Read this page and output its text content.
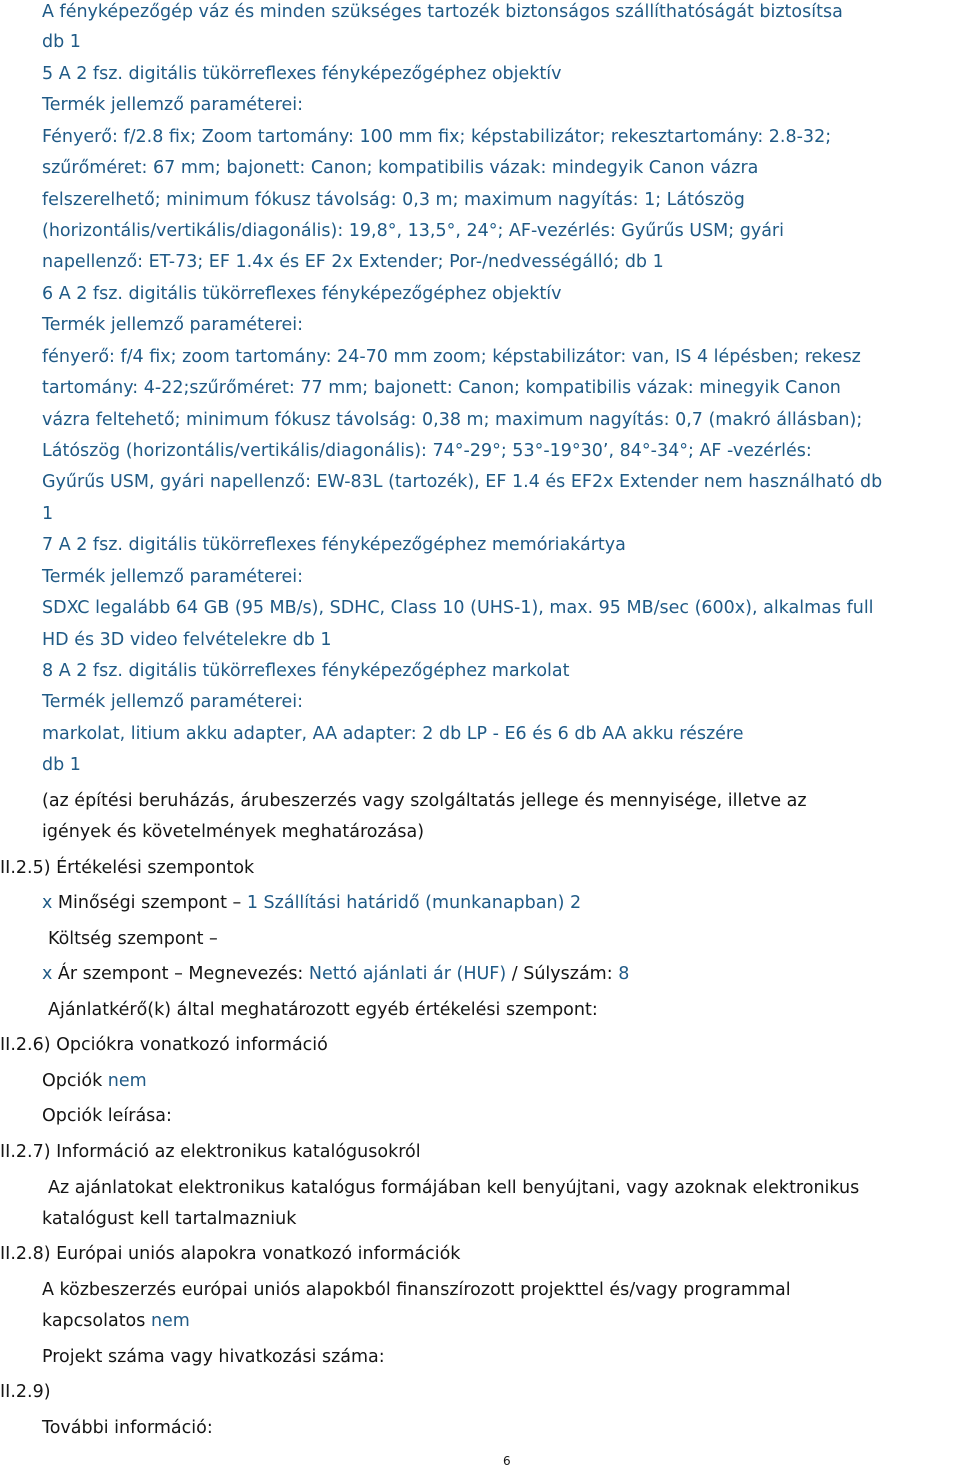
A fényképezőgép váz és minden szükséges tartozék biztonságos szállíthatóságát biztosítsa
db 1
5 A 2 fsz. digitális tükörreflexes fényképezőgéphez objektív
Termék jellemző paraméterei:
Fényerő: f/2.8 fix; Zoom tartomány: 100 mm fix; képstabilizátor; rekesztartomány: 2.8-32;
szűrőméret: 67 mm; bajonett: Canon; kompatibilis vázak: mindegyik Canon vázra
felszerelhető; minimum fókusz távolság: 0,3 m; maximum nagyítás: 1; Látószög
(horizontális/vertikális/diagonális): 19,8°, 13,5°, 24°; AF-vezérlés: Gyűrűs USM; gyári
napellenző: ET-73; EF 1.4x és EF 2x Extender; Por-/nedvességálló; db 1
6 A 2 fsz. digitális tükörreflexes fényképezőgéphez objektív
Termék jellemző paraméterei:
fényerő: f/4 fix; zoom tartomány: 24-70 mm zoom; képstabilizátor: van, IS 4 lépésben; rekesz
tartomány: 4-22;szűrőméret: 77 mm; bajonett: Canon; kompatibilis vázak: minegyik Canon
vázra feltehető; minimum fókusz távolság: 0,38 m; maximum nagyítás: 0,7 (makró állásban);
Látószög (horizontális/vertikális/diagonális): 74°-29°; 53°-19°30’, 84°-34°; AF -vezérlés:
Gyűrűs USM, gyári napellenző: EW-83L (tartozék), EF 1.4 és EF2x Extender nem használható db
1
7 A 2 fsz. digitális tükörreflexes fényképezőgéphez memóriakártya
Termék jellemző paraméterei:
SDXC legalább 64 GB (95 MB/s), SDHC, Class 10 (UHS-1), max. 95 MB/sec (600x), alkalmas full
HD és 3D video felvételekre db 1
8 A 2 fsz. digitális tükörreflexes fényképezőgéphez markolat
Termék jellemző paraméterei:
markolat, litium akku adapter, AA adapter: 2 db LP - E6 és 6 db AA akku részére
db 1
(az építési beruházás, árubeszerzés vagy szolgáltatás jellege és mennyisége, illetve az
igények és követelmények meghatározása)
II.2.5) Értékelési szempontok
x Minőségi szempont – 1 Szállítási határidő (munkanapban) 2
Költség szempont –
x Ár szempont – Megnevezés: Nettó ajánlati ár (HUF) / Súlyszám: 8
Ajánlatkérő(k) által meghatározott egyéb értékelési szempont:
II.2.6) Opciókra vonatkozó információ
Opciók nem
Opciók leírása:
II.2.7) Információ az elektronikus katalógusokról
Az ajánlatokat elektronikus katalógus formájában kell benyújtani, vagy azoknak elektronikus
katalógust kell tartalmazniuk
II.2.8) Európai uniós alapokra vonatkozó információk
A közbeszerzés európai uniós alapokból finanszírozott projekttel és/vagy programmal
kapcsolatos nem
Projekt száma vagy hivatkozási száma:
II.2.9)
További információ:
6
